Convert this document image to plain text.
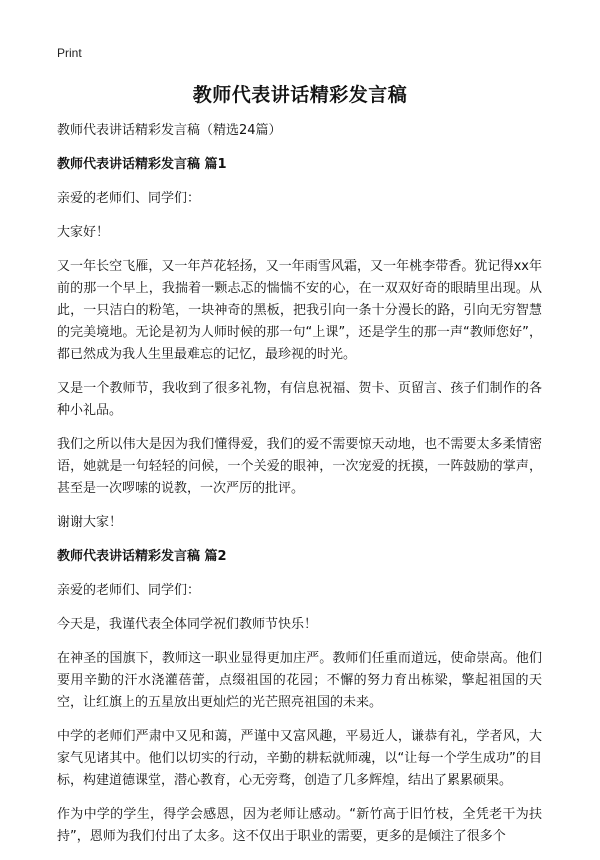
Print
教师代表讲话精彩发言稿

教师代表讲话精彩发言稿（精选24篇）

教师代表讲话精彩发言稿 篇1

亲爱的老师们、同学们：

大家好！

又一年长空飞雁，又一年芦花轻扬，又一年雨雪风霜，又一年桃李带香。犹记得xx年前的那一个早上，我揣着一颗忐忑的惴惴不安的心，在一双双好奇的眼睛里出现。从此，一只洁白的粉笔，一块神奇的黑板，把我引向一条十分漫长的路，引向无穷智慧的完美境地。无论是初为人师时候的那一句“上课”，还是学生的那一声“教师您好”，都已然成为我人生里最难忘的记忆，最珍视的时光。

又是一个教师节，我收到了很多礼物，有信息祝福、贺卡、页留言、孩子们制作的各种小礼品。

我们之所以伟大是因为我们懂得爱，我们的爱不需要惊天动地，也不需要太多柔情密语，她就是一句轻轻的问候，一个关爱的眼神，一次宠爱的抚摸，一阵鼓励的掌声，甚至是一次啰嗦的说教，一次严厉的批评。

谢谢大家！

教师代表讲话精彩发言稿 篇2

亲爱的老师们、同学们：

今天是，我谨代表全体同学祝们教师节快乐！

在神圣的国旗下，教师这一职业显得更加庄严。教师们任重而道远，使命崇高。他们要用辛勤的汗水浇灌蓓蕾，点缀祖国的花园；不懈的努力育出栋梁，擎起祖国的天空，让红旗上的五星放出更灿烂的光芒照亮祖国的未来。

中学的老师们严肃中又见和蔼，严谨中又富风趣，平易近人，谦恭有礼，学者风，大家气见诸其中。他们以切实的行动，辛勤的耕耘就师魂，以“让每一个学生成功”的目标，构建道德课堂，潜心教育，心无旁骛，创造了几多辉煌，结出了累累硕果。

作为中学的学生，得学会感恩，因为老师让感动。“新竹高于旧竹枝，全凭老干为扶持”，恩师为我们付出了太多。这不仅出于职业的需要，更多的是倾注了很多个
